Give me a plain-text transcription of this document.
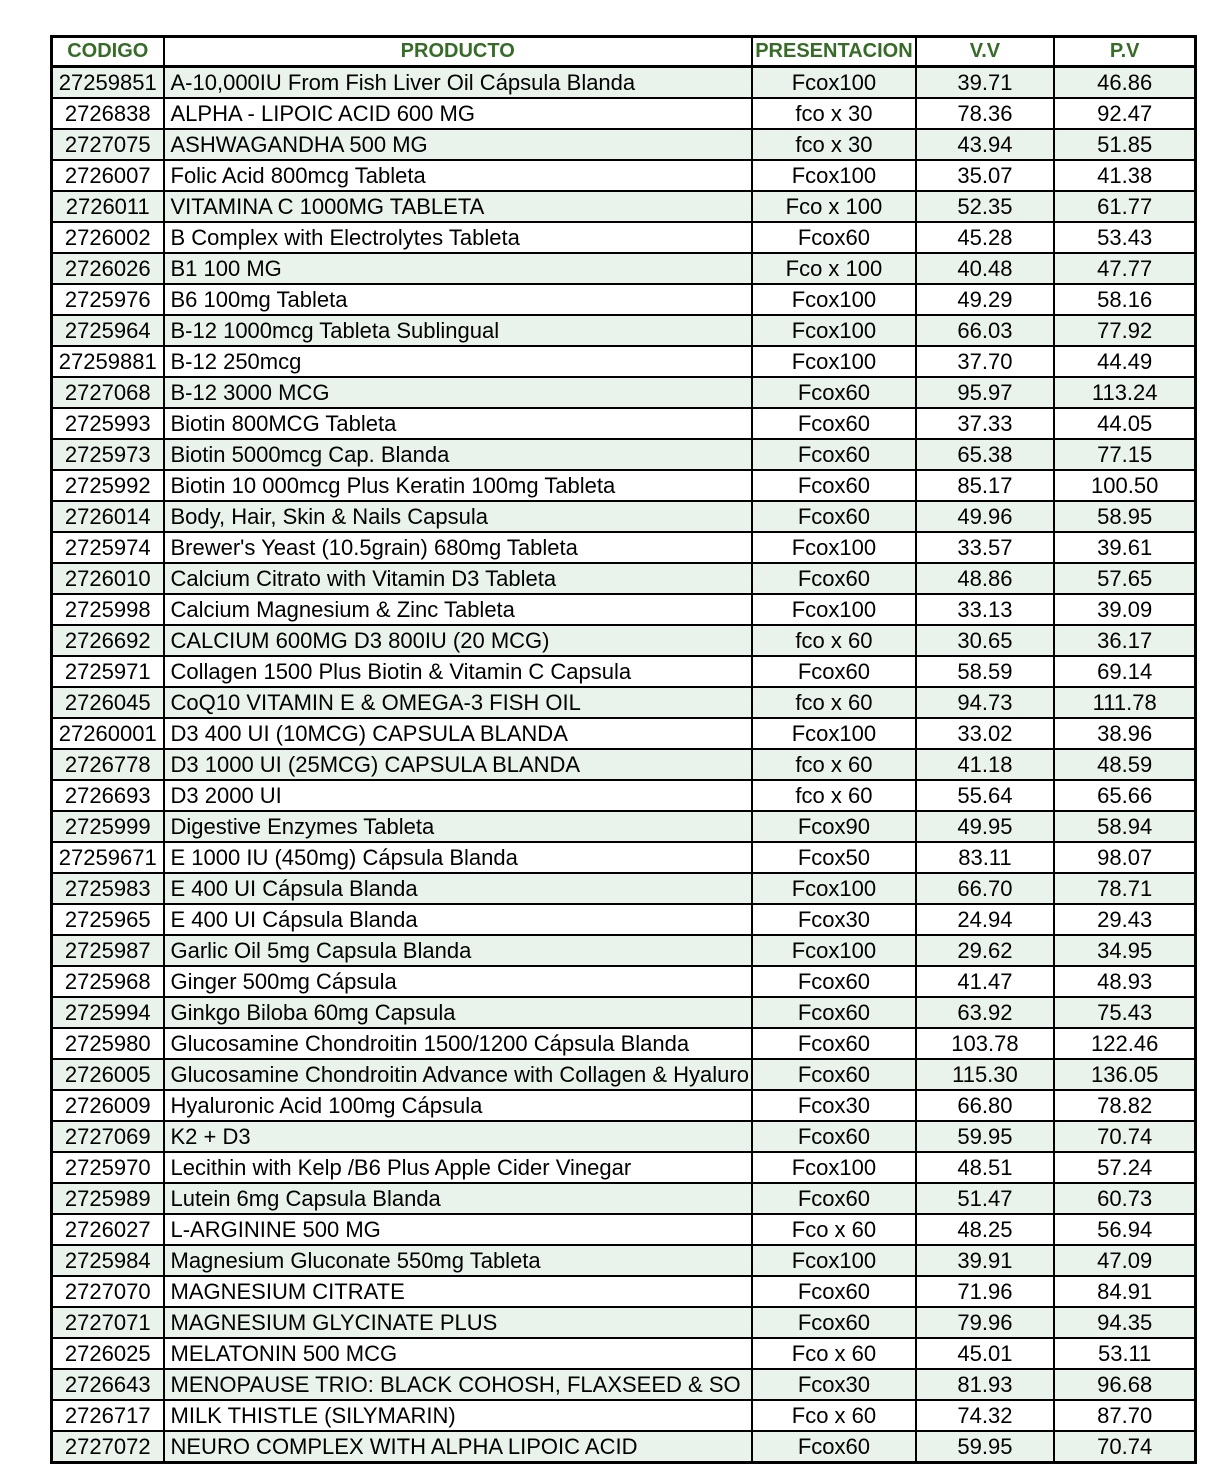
CODIGO	PRODUCTO	PRESENTACION	V.V	P.V
27259851	A-10,000IU From Fish Liver Oil Cápsula Blanda	Fcox100	39.71	46.86
2726838	ALPHA - LIPOIC ACID 600 MG	fco x 30	78.36	92.47
2727075	ASHWAGANDHA 500 MG	fco x 30	43.94	51.85
2726007	Folic Acid 800mcg Tableta	Fcox100	35.07	41.38
2726011	VITAMINA C 1000MG TABLETA	Fco x 100	52.35	61.77
2726002	B Complex with Electrolytes Tableta	Fcox60	45.28	53.43
2726026	B1 100 MG	Fco x 100	40.48	47.77
2725976	B6 100mg Tableta	Fcox100	49.29	58.16
2725964	B-12 1000mcg Tableta Sublingual	Fcox100	66.03	77.92
27259881	B-12 250mcg	Fcox100	37.70	44.49
2727068	B-12 3000 MCG	Fcox60	95.97	113.24
2725993	Biotin 800MCG Tableta	Fcox60	37.33	44.05
2725973	Biotin 5000mcg Cap. Blanda	Fcox60	65.38	77.15
2725992	Biotin 10 000mcg Plus Keratin 100mg Tableta	Fcox60	85.17	100.50
2726014	Body, Hair, Skin & Nails Capsula	Fcox60	49.96	58.95
2725974	Brewer's Yeast (10.5grain) 680mg Tableta	Fcox100	33.57	39.61
2726010	Calcium Citrato with Vitamin D3 Tableta	Fcox60	48.86	57.65
2725998	Calcium Magnesium & Zinc Tableta	Fcox100	33.13	39.09
2726692	CALCIUM 600MG D3 800IU (20 MCG)	fco x 60	30.65	36.17
2725971	Collagen 1500 Plus Biotin & Vitamin C Capsula	Fcox60	58.59	69.14
2726045	CoQ10 VITAMIN E & OMEGA-3 FISH OIL	fco x 60	94.73	111.78
27260001	D3 400 UI (10MCG) CAPSULA BLANDA	Fcox100	33.02	38.96
2726778	D3 1000 UI (25MCG) CAPSULA BLANDA	fco x 60	41.18	48.59
2726693	D3 2000 UI	fco x 60	55.64	65.66
2725999	Digestive Enzymes Tableta	Fcox90	49.95	58.94
27259671	E 1000 IU (450mg) Cápsula Blanda	Fcox50	83.11	98.07
2725983	E 400 UI Cápsula Blanda	Fcox100	66.70	78.71
2725965	E 400 UI Cápsula Blanda	Fcox30	24.94	29.43
2725987	Garlic Oil 5mg Capsula Blanda	Fcox100	29.62	34.95
2725968	Ginger 500mg Cápsula	Fcox60	41.47	48.93
2725994	Ginkgo Biloba 60mg Capsula	Fcox60	63.92	75.43
2725980	Glucosamine Chondroitin 1500/1200 Cápsula Blanda	Fcox60	103.78	122.46
2726005	Glucosamine Chondroitin Advance with Collagen & Hyaluro	Fcox60	115.30	136.05
2726009	Hyaluronic Acid 100mg Cápsula	Fcox30	66.80	78.82
2727069	K2 + D3	Fcox60	59.95	70.74
2725970	Lecithin with Kelp /B6 Plus Apple Cider Vinegar	Fcox100	48.51	57.24
2725989	Lutein 6mg Capsula Blanda	Fcox60	51.47	60.73
2726027	L-ARGININE 500 MG	Fco x 60	48.25	56.94
2725984	Magnesium Gluconate 550mg Tableta	Fcox100	39.91	47.09
2727070	MAGNESIUM CITRATE	Fcox60	71.96	84.91
2727071	MAGNESIUM GLYCINATE PLUS	Fcox60	79.96	94.35
2726025	MELATONIN 500 MCG	Fco x 60	45.01	53.11
2726643	MENOPAUSE TRIO: BLACK COHOSH, FLAXSEED & SO	Fcox30	81.93	96.68
2726717	MILK THISTLE (SILYMARIN)	Fco x 60	74.32	87.70
2727072	NEURO COMPLEX WITH ALPHA LIPOIC ACID	Fcox60	59.95	70.74
